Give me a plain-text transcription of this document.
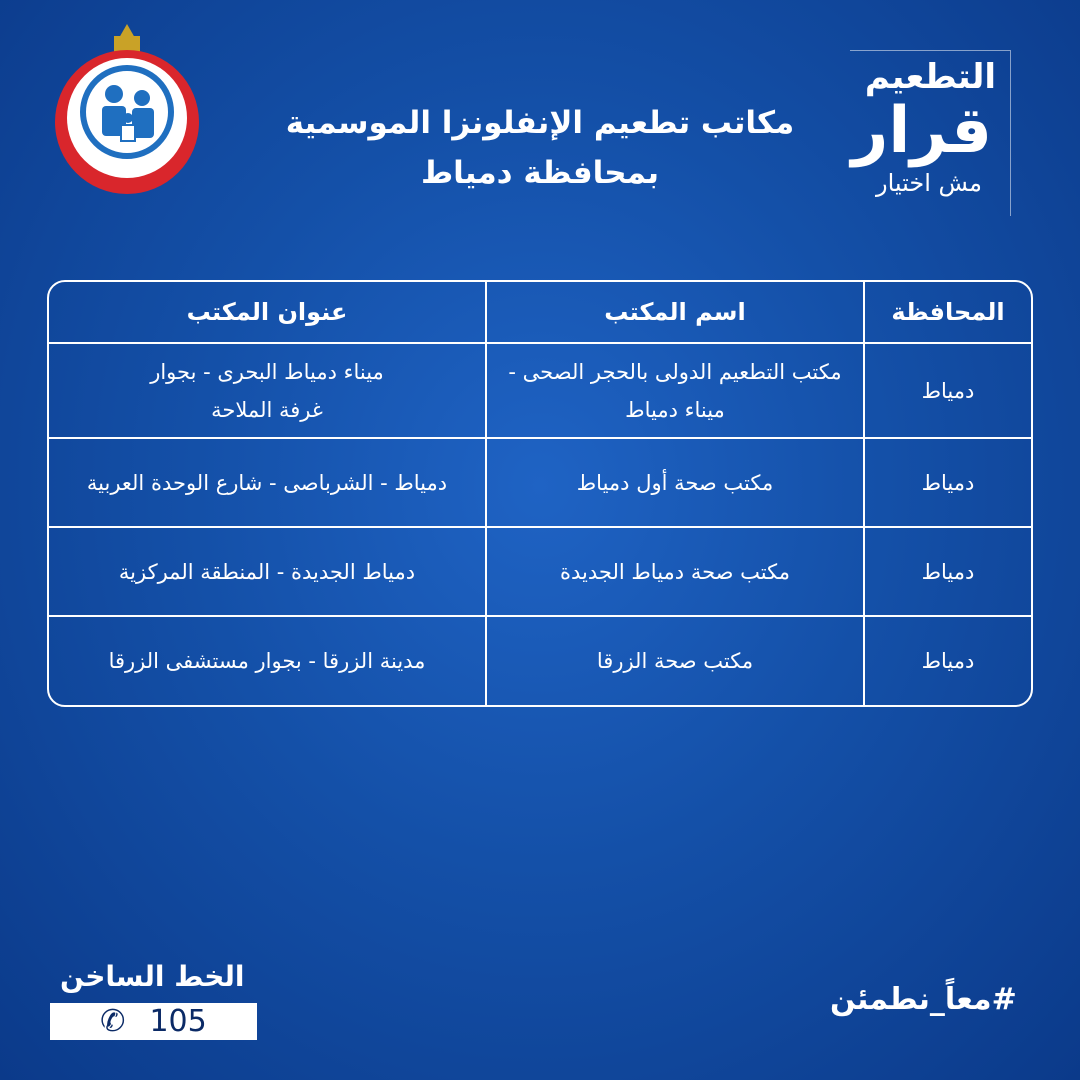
مكاتب تطعيم الإنفلونزا الموسمية
بمحافظة دمياط
التطعيم
قرار
مش اختيار
المحافظة	اسم المكتب	عنوان المكتب
دمياط	مكتب التطعيم الدولى بالحجر الصحى - ميناء دمياط	ميناء دمياط البحرى - بجوار غرفة الملاحة
دمياط	مكتب صحة أول دمياط	دمياط - الشرباصى - شارع الوحدة العربية
دمياط	مكتب صحة دمياط الجديدة	دمياط الجديدة - المنطقة المركزية
دمياط	مكتب صحة الزرقا	مدينة الزرقا - بجوار مستشفى الزرقا
الخط الساخن
✆ 105
#معاً_نطمئن
